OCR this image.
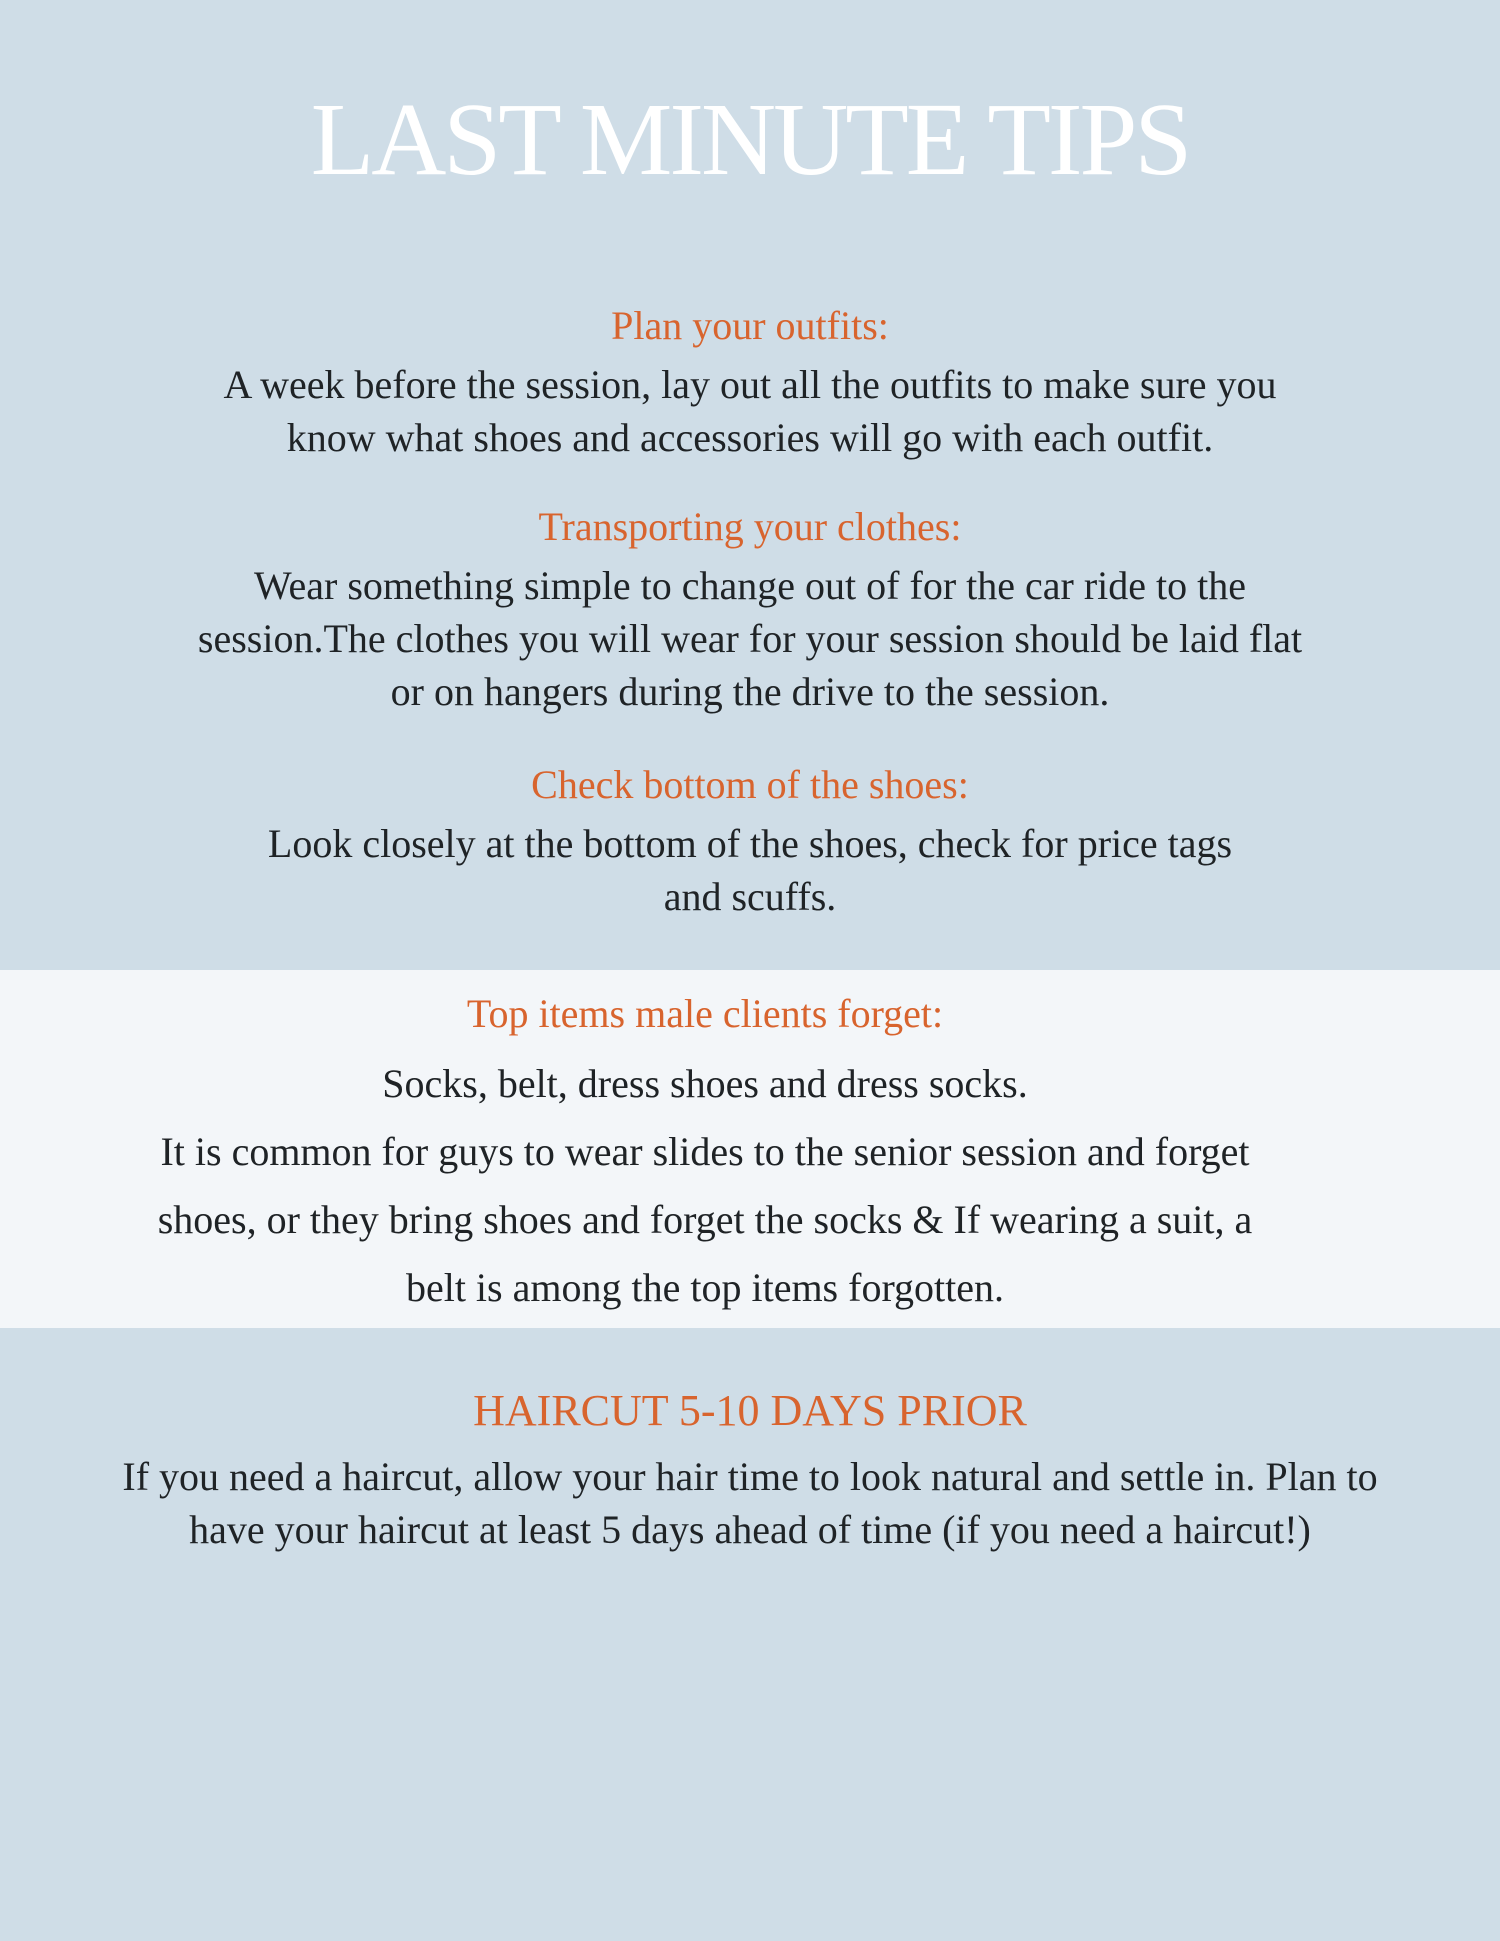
LAST MINUTE TIPS
Plan your outfits:

A week before the session, lay out all the outfits to make sure you

know what shoes and accessories will go with each outfit.

Transporting your clothes:

Wear something simple to change out of for the car ride to the

session.The clothes you will wear for your session should be laid flat

or on hangers during the drive to the session.

Check bottom of the shoes:

Look closely at the bottom of the shoes, check for price tags

and scuffs.

Top items male clients forget:

Socks, belt, dress shoes and dress socks.

It is common for guys to wear slides to the senior session and forget

shoes, or they bring shoes and forget the socks & If wearing a suit, a

belt is among the top items forgotten.

HAIRCUT 5-10 DAYS PRIOR

If you need a haircut, allow your hair time to look natural and settle in. Plan to

have your haircut at least 5 days ahead of time (if you need a haircut!)
